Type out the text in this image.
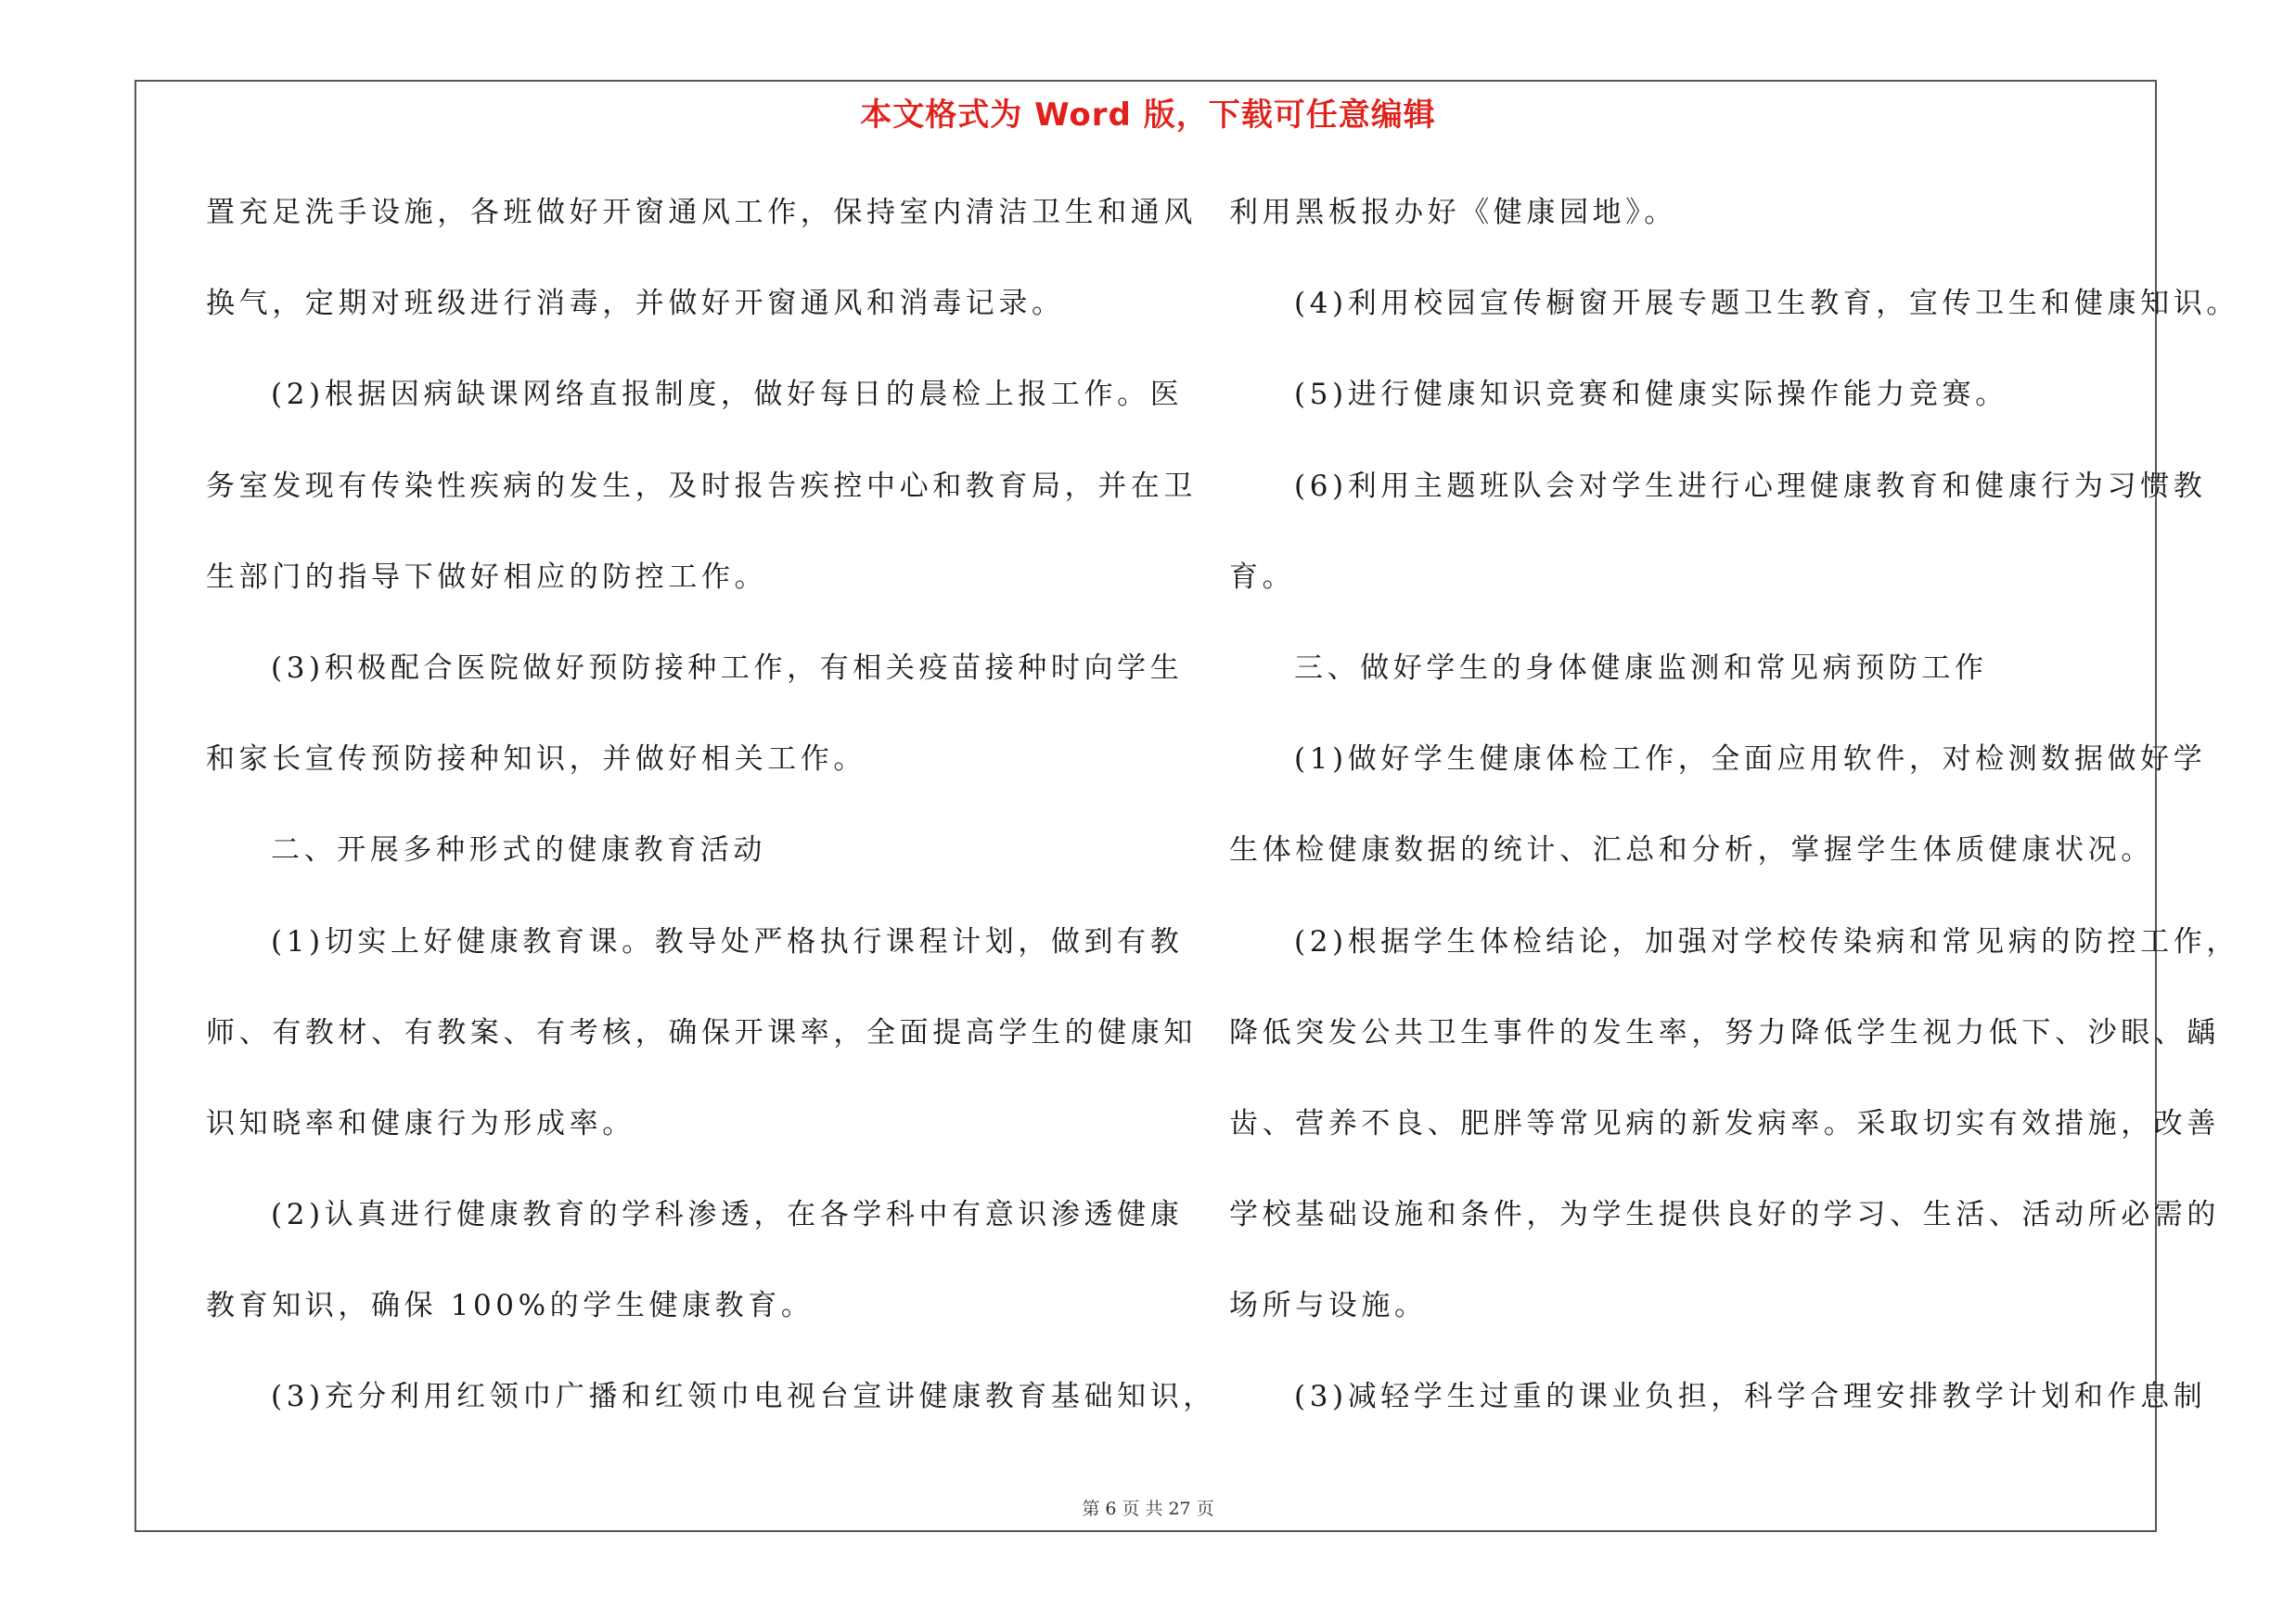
本文格式为 Word 版，下载可任意编辑
置充足洗手设施，各班做好开窗通风工作，保持室内清洁卫生和通风
换气，定期对班级进行消毒，并做好开窗通风和消毒记录。
(2)根据因病缺课网络直报制度，做好每日的晨检上报工作。医
务室发现有传染性疾病的发生，及时报告疾控中心和教育局，并在卫
生部门的指导下做好相应的防控工作。
(3)积极配合医院做好预防接种工作，有相关疫苗接种时向学生
和家长宣传预防接种知识，并做好相关工作。
二、开展多种形式的健康教育活动
(1)切实上好健康教育课。教导处严格执行课程计划，做到有教
师、有教材、有教案、有考核，确保开课率，全面提高学生的健康知
识知晓率和健康行为形成率。
(2)认真进行健康教育的学科渗透，在各学科中有意识渗透健康
教育知识，确保 100%的学生健康教育。
(3)充分利用红领巾广播和红领巾电视台宣讲健康教育基础知识，
利用黑板报办好《健康园地》。
(4)利用校园宣传橱窗开展专题卫生教育，宣传卫生和健康知识。
(5)进行健康知识竞赛和健康实际操作能力竞赛。
(6)利用主题班队会对学生进行心理健康教育和健康行为习惯教
育。
三、做好学生的身体健康监测和常见病预防工作
(1)做好学生健康体检工作，全面应用软件，对检测数据做好学
生体检健康数据的统计、汇总和分析，掌握学生体质健康状况。
(2)根据学生体检结论，加强对学校传染病和常见病的防控工作，
降低突发公共卫生事件的发生率，努力降低学生视力低下、沙眼、龋
齿、营养不良、肥胖等常见病的新发病率。采取切实有效措施，改善
学校基础设施和条件，为学生提供良好的学习、生活、活动所必需的
场所与设施。
(3)减轻学生过重的课业负担，科学合理安排教学计划和作息制
第 6 页 共 27 页
